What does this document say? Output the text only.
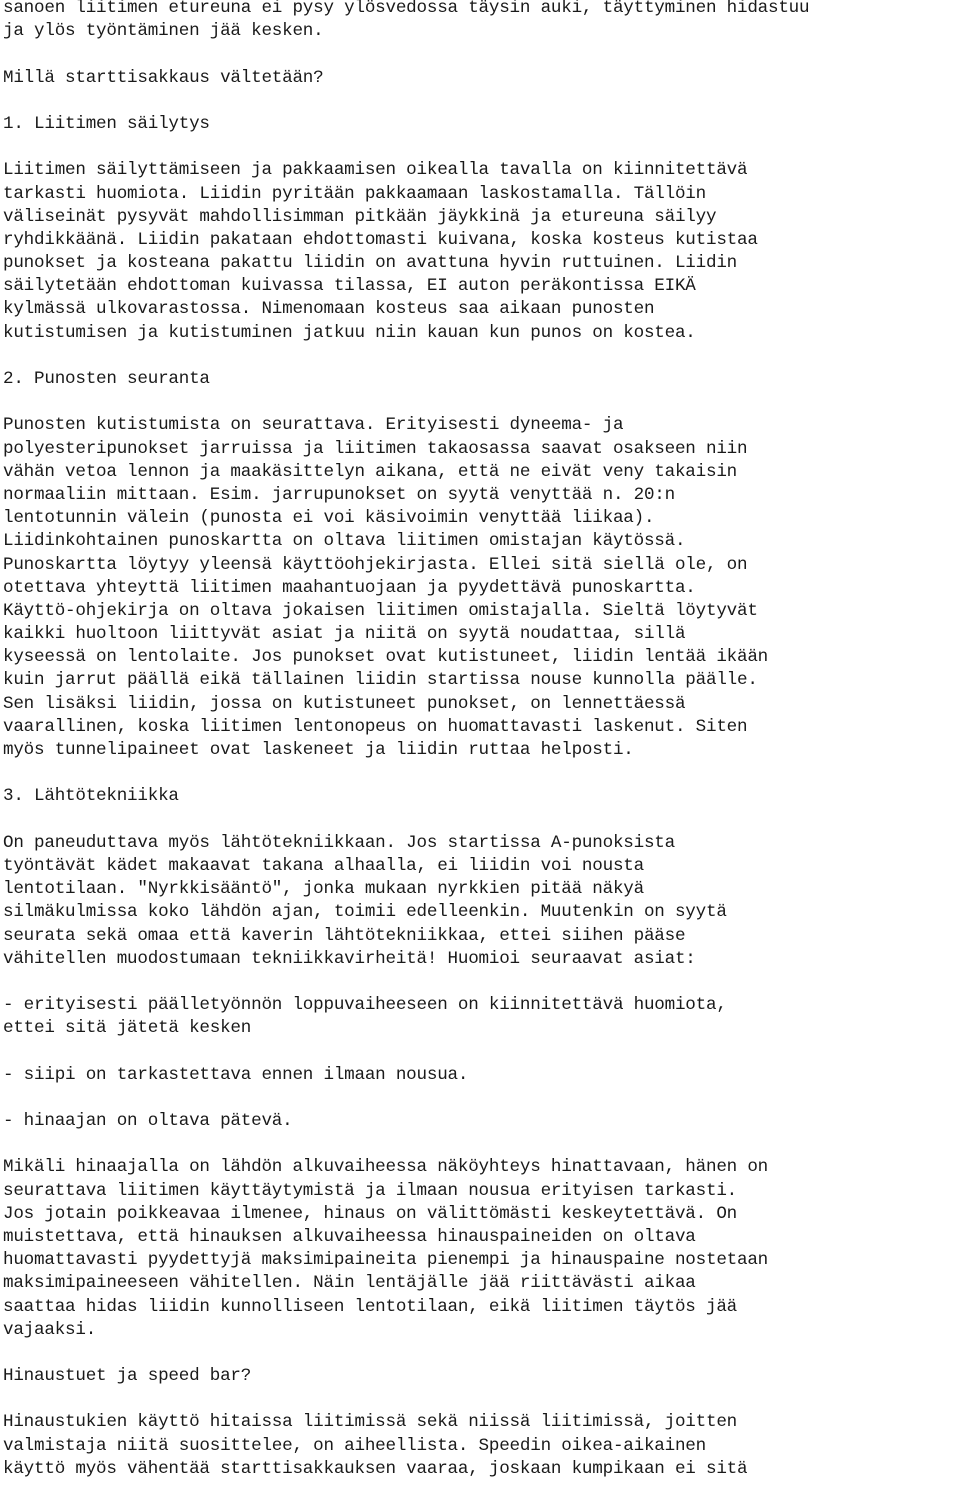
sanoen liitimen etureuna ei pysy ylösvedossa täysin auki, täyttyminen hidastuu
ja ylös työntäminen jää kesken.
Millä starttisakkaus vältetään?
1. Liitimen säilytys
Liitimen säilyttämiseen ja pakkaamisen oikealla tavalla on kiinnitettävä
tarkasti huomiota. Liidin pyritään pakkaamaan laskostamalla. Tällöin
väliseinät pysyvät mahdollisimman pitkään jäykkinä ja etureuna säilyy
ryhdikkäänä. Liidin pakataan ehdottomasti kuivana, koska kosteus kutistaa
punokset ja kosteana pakattu liidin on avattuna hyvin ruttuinen. Liidin
säilytetään ehdottoman kuivassa tilassa, EI auton peräkontissa EIKÄ
kylmässä ulkovarastossa. Nimenomaan kosteus saa aikaan punosten
kutistumisen ja kutistuminen jatkuu niin kauan kun punos on kostea.
2. Punosten seuranta
Punosten kutistumista on seurattava. Erityisesti dyneema- ja
polyesteripunokset jarruissa ja liitimen takaosassa saavat osakseen niin
vähän vetoa lennon ja maakäsittelyn aikana, että ne eivät veny takaisin
normaaliin mittaan. Esim. jarrupunokset on syytä venyttää n. 20:n
lentotunnin välein (punosta ei voi käsivoimin venyttää liikaa).
Liidinkohtainen punoskartta on oltava liitimen omistajan käytössä.
Punoskartta löytyy yleensä käyttöohjekirjasta. Ellei sitä siellä ole, on
otettava yhteyttä liitimen maahantuojaan ja pyydettävä punoskartta.
Käyttö-ohjekirja on oltava jokaisen liitimen omistajalla. Sieltä löytyvät
kaikki huoltoon liittyvät asiat ja niitä on syytä noudattaa, sillä
kyseessä on lentolaite. Jos punokset ovat kutistuneet, liidin lentää ikään
kuin jarrut päällä eikä tällainen liidin startissa nouse kunnolla päälle.
Sen lisäksi liidin, jossa on kutistuneet punokset, on lennettäessä
vaarallinen, koska liitimen lentonopeus on huomattavasti laskenut. Siten
myös tunnelipaineet ovat laskeneet ja liidin ruttaa helposti.
3. Lähtötekniikka
On paneuduttava myös lähtötekniikkaan. Jos startissa A-punoksista
työntävät kädet makaavat takana alhaalla, ei liidin voi nousta
lentotilaan. "Nyrkkisääntö", jonka mukaan nyrkkien pitää näkyä
silmäkulmissa koko lähdön ajan, toimii edelleenkin. Muutenkin on syytä
seurata sekä omaa että kaverin lähtötekniikkaa, ettei siihen pääse
vähitellen muodostumaan tekniikkavirheitä! Huomioi seuraavat asiat:
- erityisesti päälletyönnön loppuvaiheeseen on kiinnitettävä huomiota,
ettei sitä jätetä kesken
- siipi on tarkastettava ennen ilmaan nousua.
- hinaajan on oltava pätevä.
Mikäli hinaajalla on lähdön alkuvaiheessa näköyhteys hinattavaan, hänen on
seurattava liitimen käyttäytymistä ja ilmaan nousua erityisen tarkasti.
Jos jotain poikkeavaa ilmenee, hinaus on välittömästi keskeytettävä. On
muistettava, että hinauksen alkuvaiheessa hinauspaineiden on oltava
huomattavasti pyydettyjä maksimipaineita pienempi ja hinauspaine nostetaan
maksimipaineeseen vähitellen. Näin lentäjälle jää riittävästi aikaa
saattaa hidas liidin kunnolliseen lentotilaan, eikä liitimen täytös jää
vajaaksi.
Hinaustuet ja speed bar?
Hinaustukien käyttö hitaissa liitimissä sekä niissä liitimissä, joitten
valmistaja niitä suosittelee, on aiheellista. Speedin oikea-aikainen
käyttö myös vähentää starttisakkauksen vaaraa, joskaan kumpikaan ei sitä
